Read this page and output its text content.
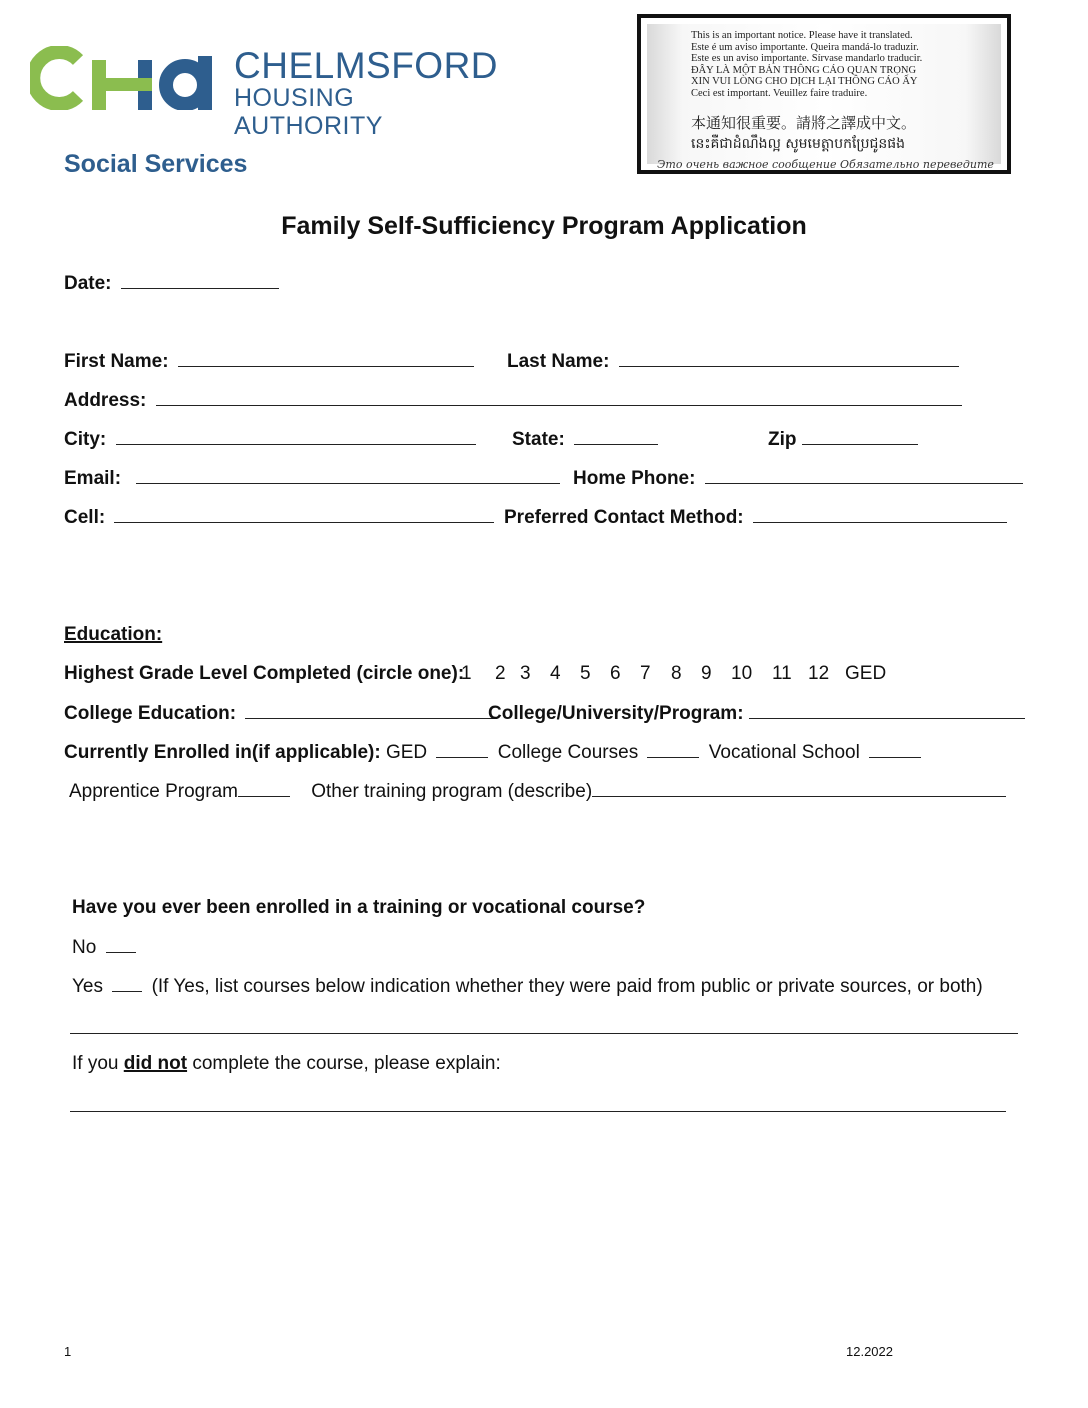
CHELMSFORD
HOUSING AUTHORITY
Social Services
This is an important notice. Please have it translated.
Este é um aviso importante. Queira mandá-lo traduzir.
Este es un aviso importante. Sírvase mandarlo traducir.
ĐÂY LÀ MỘT BẢN THÔNG CÁO QUAN TRỌNG
XIN VUI LÒNG CHO DỊCH LẠI THÔNG CÁO ẤY
Ceci est important. Veuillez faire traduire.
本通知很重要。請將之譯成中文。
នេះគឺជាដំណឹងល្អ សូមមេត្តាបកប្រែជូនផង
Это очень важное сообщение Обязательно переведите
Family Self-Sufficiency Program Application
Date:
First Name:	Last Name:
Address:
City:	State:	Zip
Email:	Home Phone:
Cell:	Preferred Contact Method:
Education:
Highest Grade Level Completed (circle one):
1 2 3 4 5 6 7 8 9 10 11 12 GED
College Education:	College/University/Program:
Currently Enrolled in(if applicable): GED	College Courses	Vocational School
Apprentice Program	Other training program (describe)
Have you ever been enrolled in a training or vocational course?
No
Yes	(If Yes, list courses below indication whether they were paid from public or private sources, or both)
If you did not complete the course, please explain:
1	12.2022
